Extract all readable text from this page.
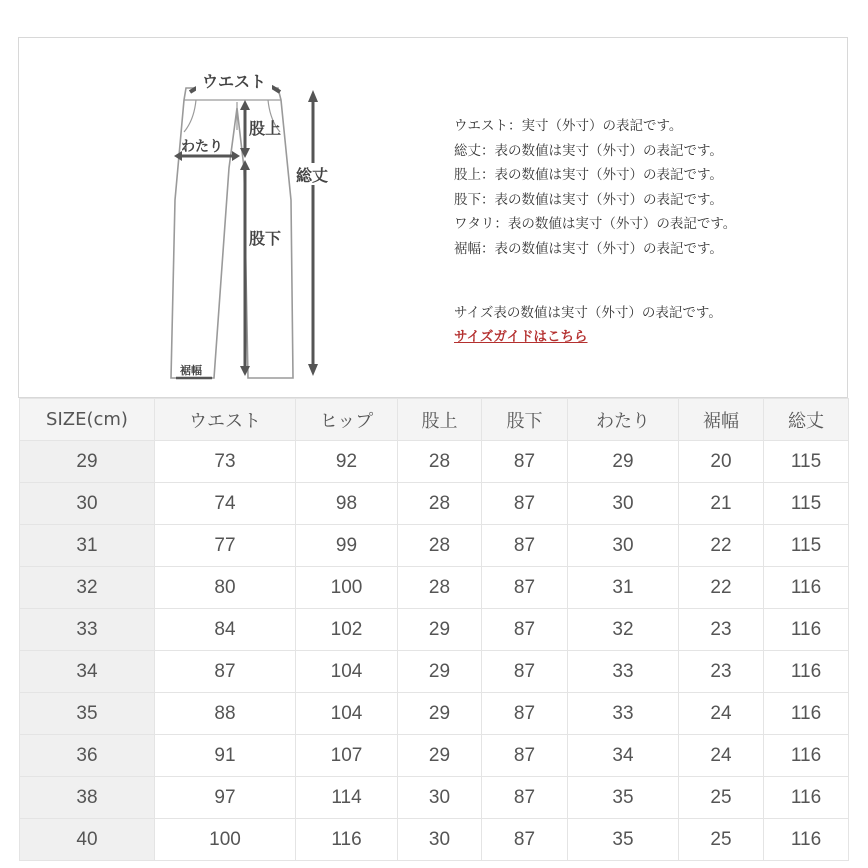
ウエスト
股上
わたり
股下
総丈
裾幅
ウエスト：実寸（外寸）の表記です。
総丈：表の数値は実寸（外寸）の表記です。
股上：表の数値は実寸（外寸）の表記です。
股下：表の数値は実寸（外寸）の表記です。
ワタリ：表の数値は実寸（外寸）の表記です。
裾幅：表の数値は実寸（外寸）の表記です。
サイズ表の数値は実寸（外寸）の表記です。
サイズガイドはこちら
SIZE(cm)	ウエスト	ヒップ	股上	股下	わたり	裾幅	総丈
29	73	92	28	87	29	20	115
30	74	98	28	87	30	21	115
31	77	99	28	87	30	22	115
32	80	100	28	87	31	22	116
33	84	102	29	87	32	23	116
34	87	104	29	87	33	23	116
35	88	104	29	87	33	24	116
36	91	107	29	87	34	24	116
38	97	114	30	87	35	25	116
40	100	116	30	87	35	25	116
